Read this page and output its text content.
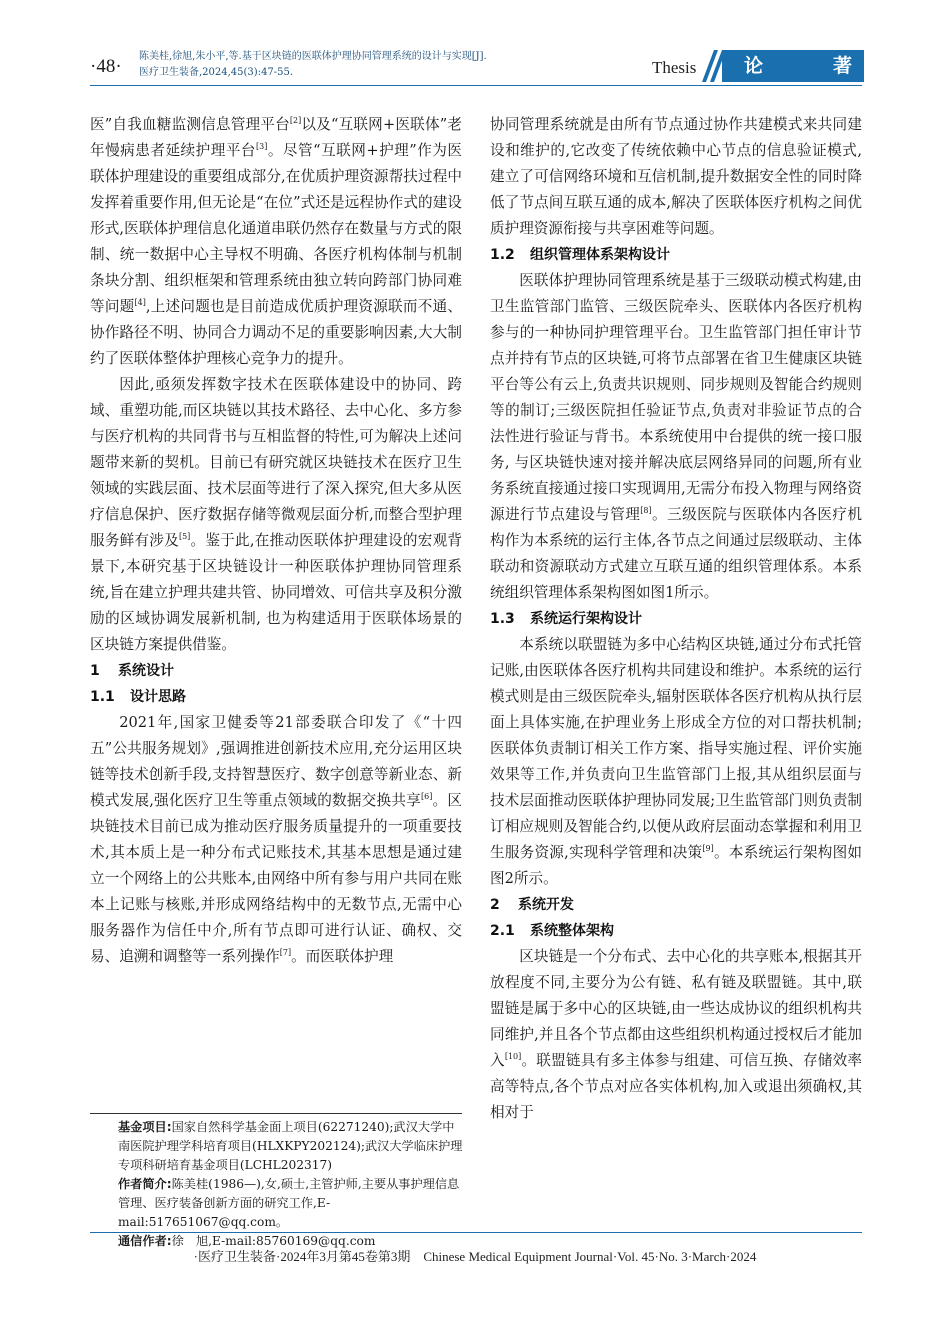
·48· 陈美桂,徐旭,朱小平,等.基于区块链的医联体护理协同管理系统的设计与实现[J].
医疗卫生装备,2024,45(3):47-55.	Thesis	论	著

医”自我血糖监测信息管理平台[2]以及“互联网+医联体”老年慢病患者延续护理平台[3]。尽管“互联网+护理”作为医联体护理建设的重要组成部分,在优质护理资源帮扶过程中发挥着重要作用,但无论是“在位”式还是远程协作式的建设形式,医联体护理信息化通道串联仍然存在数量与方式的限制、统一数据中心主导权不明确、各医疗机构体制与机制条块分割、组织框架和管理系统由独立转向跨部门协同难等问题[4],上述问题也是目前造成优质护理资源联而不通、协作路径不明、协同合力调动不足的重要影响因素,大大制约了医联体整体护理核心竞争力的提升。

因此,亟须发挥数字技术在医联体建设中的协同、跨域、重塑功能,而区块链以其技术路径、去中心化、多方参与医疗机构的共同背书与互相监督的特性,可为解决上述问题带来新的契机。目前已有研究就区块链技术在医疗卫生领域的实践层面、技术层面等进行了深入探究,但大多从医疗信息保护、医疗数据存储等微观层面分析,而整合型护理服务鲜有涉及[5]。鉴于此,在推动医联体护理建设的宏观背景下,本研究基于区块链设计一种医联体护理协同管理系统,旨在建立护理共建共管、协同增效、可信共享及积分激励的区域协调发展新机制, 也为构建适用于医联体场景的区块链方案提供借鉴。

1 系统设计
1.1 设计思路

2021年,国家卫健委等21部委联合印发了《“十四五”公共服务规划》,强调推进创新技术应用,充分运用区块链等技术创新手段,支持智慧医疗、数字创意等新业态、新模式发展,强化医疗卫生等重点领域的数据交换共享[6]。区块链技术目前已成为推动医疗服务质量提升的一项重要技术,其本质上是一种分布式记账技术,其基本思想是通过建立一个网络上的公共账本,由网络中所有参与用户共同在账本上记账与核账,并形成网络结构中的无数节点,无需中心服务器作为信任中介,所有节点即可进行认证、确权、交易、追溯和调整等一系列操作[7]。而医联体护理

基金项目:国家自然科学基金面上项目(62271240);武汉大学中南医院护理学科培育项目(HLXKPY202124);武汉大学临床护理专项科研培育基金项目(LCHL202317)

作者简介:陈美桂(1986—),女,硕士,主管护师,主要从事护理信息管理、医疗装备创新方面的研究工作,E-mail:517651067@qq.com。

通信作者:徐　旭,E-mail:85760169@qq.com

协同管理系统就是由所有节点通过协作共建模式来共同建设和维护的,它改变了传统依赖中心节点的信息验证模式,建立了可信网络环境和互信机制,提升数据安全性的同时降低了节点间互联互通的成本,解决了医联体医疗机构之间优质护理资源衔接与共享困难等问题。

1.2 组织管理体系架构设计

医联体护理协同管理系统是基于三级联动模式构建,由卫生监管部门监管、三级医院牵头、医联体内各医疗机构参与的一种协同护理管理平台。卫生监管部门担任审计节点并持有节点的区块链,可将节点部署在省卫生健康区块链平台等公有云上,负责共识规则、同步规则及智能合约规则等的制订;三级医院担任验证节点,负责对非验证节点的合法性进行验证与背书。本系统使用中台提供的统一接口服务, 与区块链快速对接并解决底层网络异同的问题,所有业务系统直接通过接口实现调用,无需分布投入物理与网络资源进行节点建设与管理[8]。三级医院与医联体内各医疗机构作为本系统的运行主体,各节点之间通过层级联动、主体联动和资源联动方式建立互联互通的组织管理体系。本系统组织管理体系架构图如图1所示。

1.3 系统运行架构设计

本系统以联盟链为多中心结构区块链,通过分布式托管记账,由医联体各医疗机构共同建设和维护。本系统的运行模式则是由三级医院牵头,辐射医联体各医疗机构从执行层面上具体实施,在护理业务上形成全方位的对口帮扶机制;医联体负责制订相关工作方案、指导实施过程、评价实施效果等工作,并负责向卫生监管部门上报,其从组织层面与技术层面推动医联体护理协同发展;卫生监管部门则负责制订相应规则及智能合约,以便从政府层面动态掌握和利用卫生服务资源,实现科学管理和决策[9]。本系统运行架构图如图2所示。

2 系统开发
2.1 系统整体架构

区块链是一个分布式、去中心化的共享账本,根据其开放程度不同,主要分为公有链、私有链及联盟链。其中,联盟链是属于多中心的区块链,由一些达成协议的组织机构共同维护,并且各个节点都由这些组织机构通过授权后才能加入[10]。联盟链具有多主体参与组建、可信互换、存储效率高等特点,各个节点对应各实体机构,加入或退出须确权,其相对于

·医疗卫生装备·2024年3月第45卷第3期　Chinese Medical Equipment Journal·Vol. 45·No. 3·March·2024
